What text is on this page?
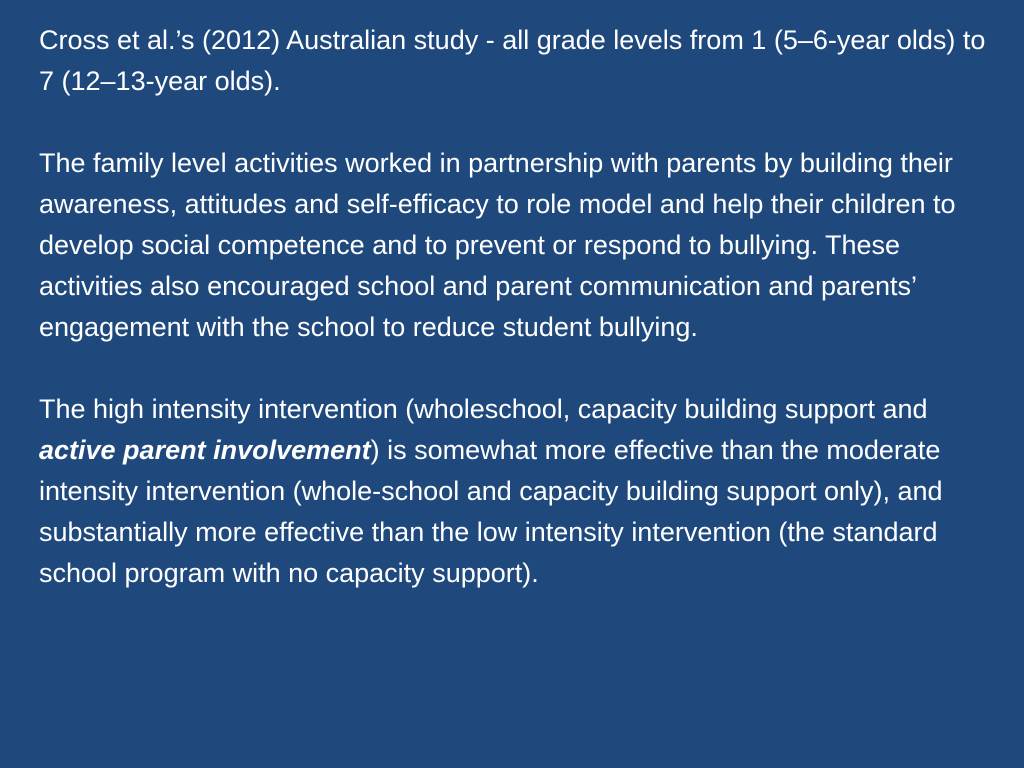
Cross et al.’s (2012) Australian study - all grade levels from 1 (5–6-year olds) to 7 (12–13-year olds).

The family level activities worked in partnership with parents by building their awareness, attitudes and self-efficacy to role model and help their children to develop social competence and to prevent or respond to bullying. These activities also encouraged school and parent communication and parents’ engagement with the school to reduce student bullying.

The high intensity intervention (wholeschool, capacity building support and active parent involvement) is somewhat more effective than the moderate intensity intervention (whole-school and capacity building support only), and substantially more effective than the low intensity intervention (the standard school program with no capacity support).
